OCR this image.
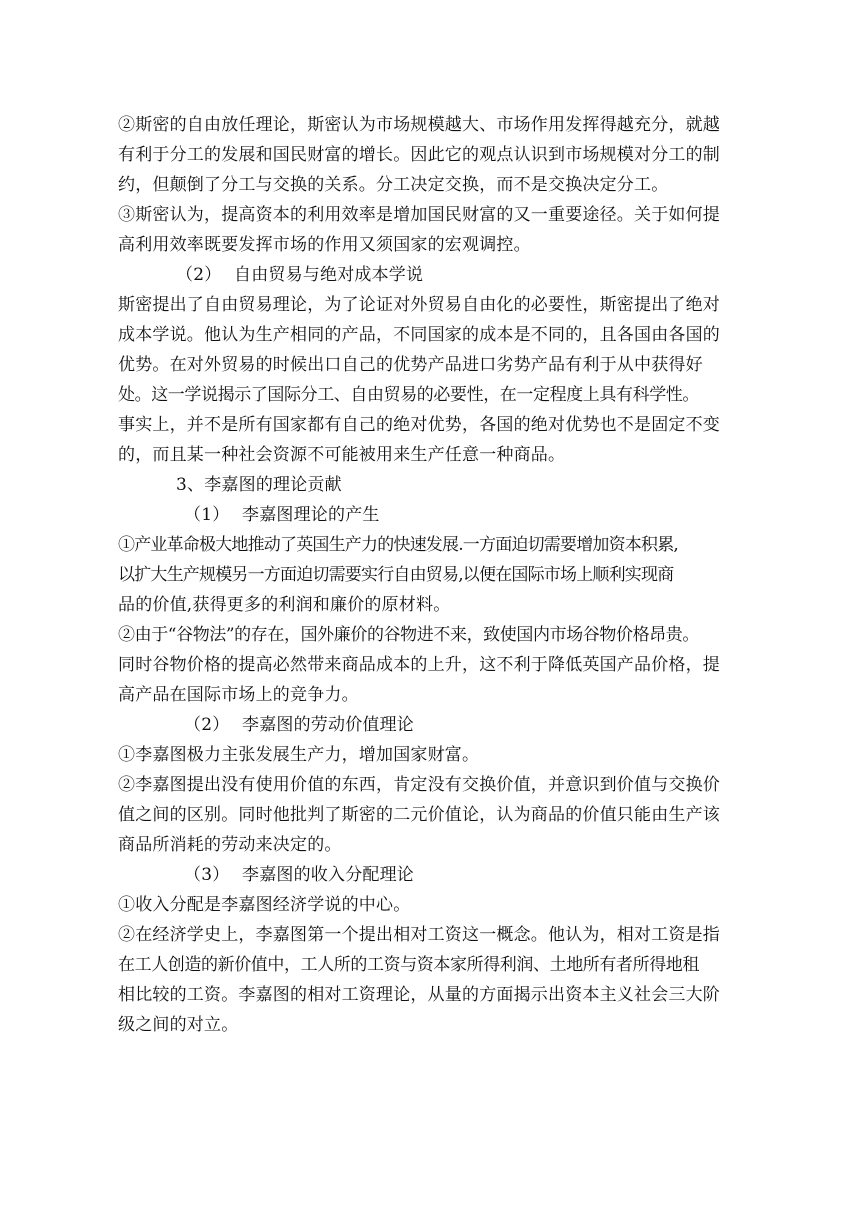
②斯密的自由放任理论，斯密认为市场规模越大、市场作用发挥得越充分，就越
有利于分工的发展和国民财富的增长。因此它的观点认识到市场规模对分工的制
约，但颠倒了分工与交换的关系。分工决定交换，而不是交换决定分工。
③斯密认为，提高资本的利用效率是增加国民财富的又一重要途径。关于如何提
高利用效率既要发挥市场的作用又须国家的宏观调控。
（2） 自由贸易与绝对成本学说
斯密提出了自由贸易理论，为了论证对外贸易自由化的必要性，斯密提出了绝对
成本学说。他认为生产相同的产品，不同国家的成本是不同的，且各国由各国的
优势。在对外贸易的时候出口自己的优势产品进口劣势产品有利于从中获得好
处。这一学说揭示了国际分工、自由贸易的必要性，在一定程度上具有科学性。
事实上，并不是所有国家都有自己的绝对优势，各国的绝对优势也不是固定不变
的，而且某一种社会资源不可能被用来生产任意一种商品。
3、李嘉图的理论贡献
（1） 李嘉图理论的产生
①产业革命极大地推动了英国生产力的快速发展.一方面迫切需要增加资本积累,
以扩大生产规模另一方面迫切需要实行自由贸易,以便在国际市场上顺利实现商
品的价值,获得更多的利润和廉价的原材料。
②由于“谷物法”的存在，国外廉价的谷物进不来，致使国内市场谷物价格昂贵。
同时谷物价格的提高必然带来商品成本的上升，这不利于降低英国产品价格，提
高产品在国际市场上的竞争力。
（2） 李嘉图的劳动价值理论
①李嘉图极力主张发展生产力，增加国家财富。
②李嘉图提出没有使用价值的东西，肯定没有交换价值，并意识到价值与交换价
值之间的区别。同时他批判了斯密的二元价值论，认为商品的价值只能由生产该
商品所消耗的劳动来决定的。
（3） 李嘉图的收入分配理论
①收入分配是李嘉图经济学说的中心。
②在经济学史上，李嘉图第一个提出相对工资这一概念。他认为，相对工资是指
在工人创造的新价值中，工人所的工资与资本家所得利润、土地所有者所得地租
相比较的工资。李嘉图的相对工资理论，从量的方面揭示出资本主义社会三大阶
级之间的对立。
